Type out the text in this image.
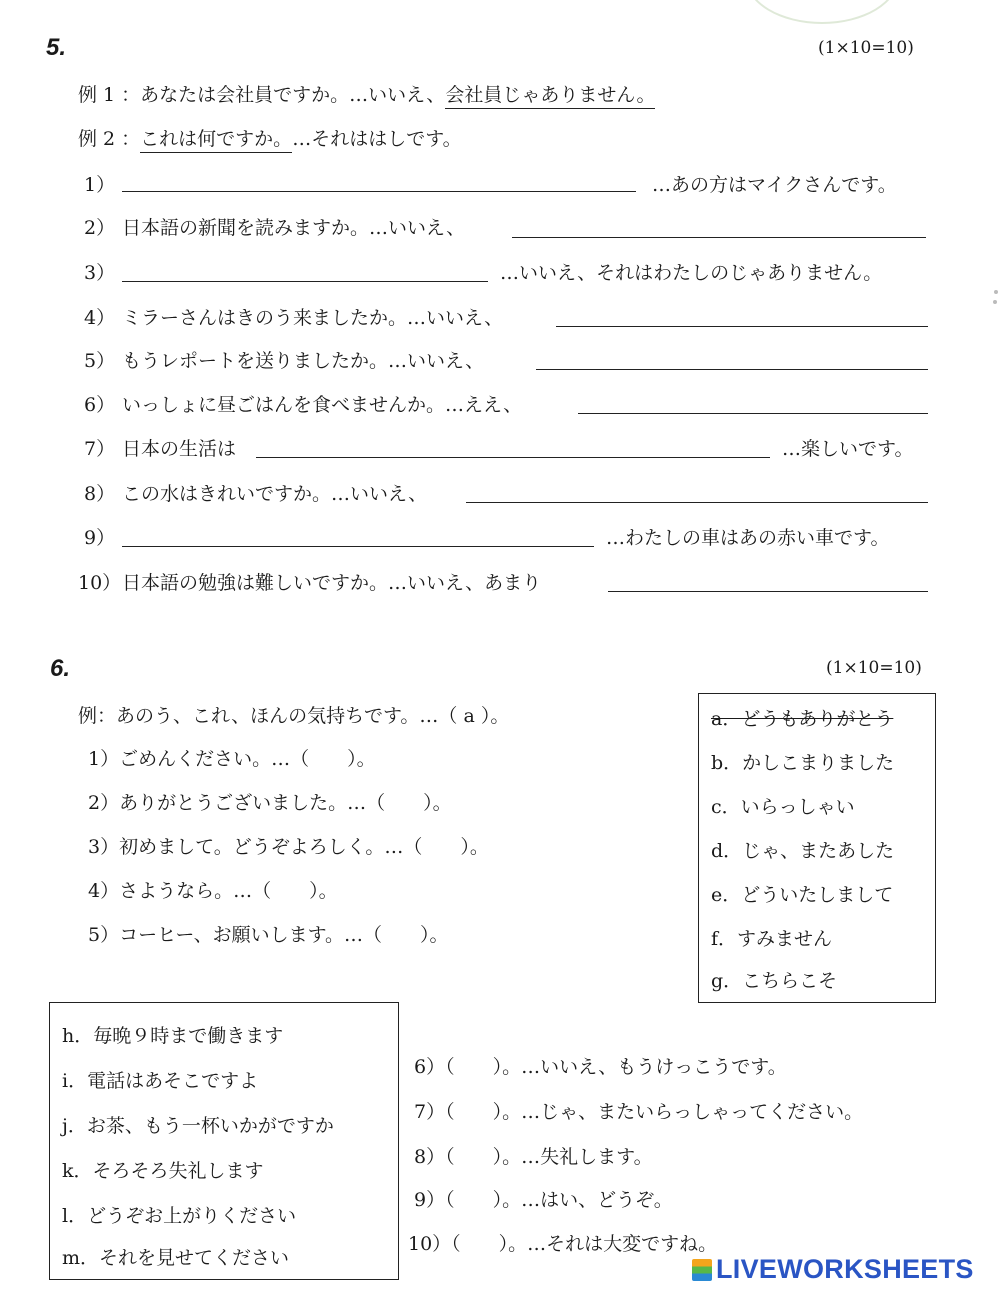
5.	(1×10=10)
例 1 ：あなたは会社員ですか。…いいえ、会社員じゃありません。
例 2 ：これは何ですか。…それははしです。
1）	…あの方はマイクさんです。
2） 日本語の新聞を読みますか。…いいえ、
3）	…いいえ、それはわたしのじゃありません。
4） ミラーさんはきのう来ましたか。…いいえ、
5） もうレポートを送りましたか。…いいえ、
6） いっしょに昼ごはんを食べませんか。…ええ、
7） 日本の生活は	…楽しいです。
8） この水はきれいですか。…いいえ、
9）	…わたしの車はあの赤い車です。
10） 日本語の勉強は難しいですか。…いいえ、あまり
6.	(1×10=10)
例：あのう、これ、ほんの気持ちです。…（ a ）。
1）ごめんください。…（　　）。
2）ありがとうございました。…（　　）。
3）初めまして。どうぞよろしく。…（　　）。
4）さようなら。…（　　）。
5）コーヒー、お願いします。…（　　）。
a．どうもありがとう
b．かしこまりました
c．いらっしゃい
d．じゃ、またあした
e．どういたしまして
f．すみません
g．こちらこそ
h．毎晩９時まで働きます
i．電話はあそこですよ
j．お茶、もう一杯いかがですか
k．そろそろ失礼します
l．どうぞお上がりください
m．それを見せてください
6）（　　）。…いいえ、もうけっこうです。
7）（　　）。…じゃ、またいらっしゃってください。
8）（　　）。…失礼します。
9）（　　）。…はい、どうぞ。
10）（　　）。…それは大変ですね。
LIVEWORKSHEETS
